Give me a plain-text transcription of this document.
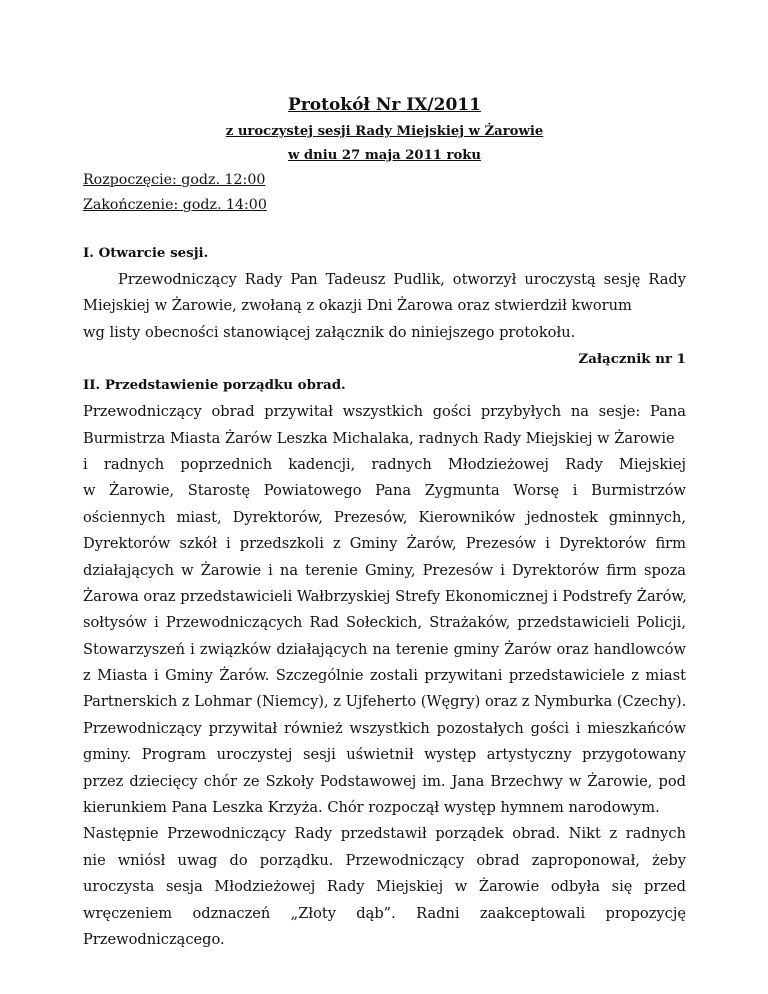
Protokół Nr IX/2011

z uroczystej sesji Rady Miejskiej w Żarowie

w dniu 27 maja 2011 roku

Rozpoczęcie: godz. 12:00

Zakończenie: godz. 14:00

I. Otwarcie sesji.

Przewodniczący Rady Pan Tadeusz Pudlik, otworzył uroczystą sesję Rady

Miejskiej w Żarowie, zwołaną z okazji Dni Żarowa oraz stwierdził kworum

wg listy obecności stanowiącej załącznik do niniejszego protokołu.

Załącznik nr 1

II. Przedstawienie porządku obrad.

Przewodniczący obrad przywitał wszystkich gości przybyłych na sesje: Pana

Burmistrza Miasta Żarów Leszka Michalaka, radnych Rady Miejskiej w Żarowie

i radnych poprzednich kadencji, radnych Młodzieżowej Rady Miejskiej

w Żarowie, Starostę Powiatowego Pana Zygmunta Worsę i Burmistrzów

ościennych miast, Dyrektorów, Prezesów, Kierowników jednostek gminnych,

Dyrektorów szkół i przedszkoli z Gminy Żarów, Prezesów i Dyrektorów firm

działających w Żarowie i na terenie Gminy, Prezesów i Dyrektorów firm spoza

Żarowa oraz przedstawicieli Wałbrzyskiej Strefy Ekonomicznej i Podstrefy Żarów,

sołtysów i Przewodniczących Rad Sołeckich, Strażaków, przedstawicieli Policji,

Stowarzyszeń i związków działających na terenie gminy Żarów oraz handlowców

z Miasta i Gminy Żarów. Szczególnie zostali przywitani przedstawiciele z miast

Partnerskich z Lohmar (Niemcy), z Ujfeherto (Węgry) oraz z Nymburka (Czechy).

Przewodniczący przywitał również wszystkich pozostałych gości i mieszkańców

gminy. Program uroczystej sesji uświetnił występ artystyczny przygotowany

przez dziecięcy chór ze Szkoły Podstawowej im. Jana Brzechwy w Żarowie, pod

kierunkiem Pana Leszka Krzyża. Chór rozpoczął występ hymnem narodowym.

Następnie Przewodniczący Rady przedstawił porządek obrad. Nikt z radnych

nie wniósł uwag do porządku. Przewodniczący obrad zaproponował, żeby

uroczysta sesja Młodzieżowej Rady Miejskiej w Żarowie odbyła się przed

wręczeniem odznaczeń „Złoty dąb”. Radni zaakceptowali propozycję

Przewodniczącego.
